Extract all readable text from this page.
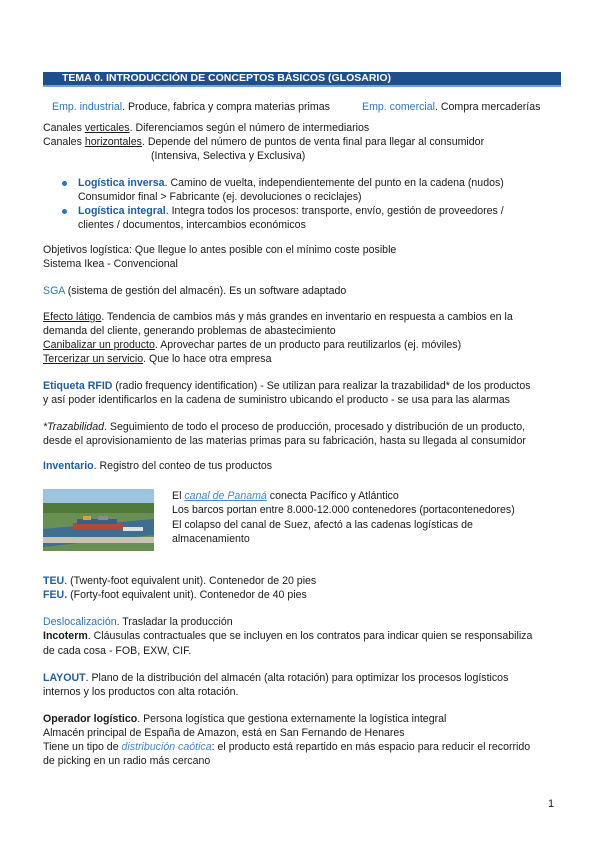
TEMA 0. INTRODUCCIÓN DE CONCEPTOS BÁSICOS (GLOSARIO)
Emp. industrial. Produce, fabrica y compra materias primas	Emp. comercial. Compra mercaderías
Canales verticales. Diferenciamos según el número de intermediarios
Canales horizontales. Depende del número de puntos de venta final para llegar al consumidor
(Intensiva, Selectiva y Exclusiva)
Logística inversa. Camino de vuelta, independientemente del punto en la cadena (nudos)
Consumidor final > Fabricante (ej. devoluciones o reciclajes)
Logística integral. Integra todos los procesos: transporte, envío, gestión de proveedores /
clientes / documentos, intercambios económicos
Objetivos logística: Que llegue lo antes posible con el mínimo coste posible
Sistema Ikea - Convencional
SGA (sistema de gestión del almacén). Es un software adaptado
Efecto látigo. Tendencia de cambios más y más grandes en inventario en respuesta a cambios en la
demanda del cliente, generando problemas de abastecimiento
Canibalizar un producto. Aprovechar partes de un producto para reutilizarlos (ej. móviles)
Tercerizar un servicio. Que lo hace otra empresa
Etiqueta RFID (radio frequency identification) - Se utilizan para realizar la trazabilidad* de los productos
y así poder identificarlos en la cadena de suministro ubicando el producto - se usa para las alarmas
*Trazabilidad. Seguimiento de todo el proceso de producción, procesado y distribución de un producto,
desde el aprovisionamiento de las materias primas para su fabricación, hasta su llegada al consumidor
Inventario. Registro del conteo de tus productos
El canal de Panamá conecta Pacífico y Atlántico
Los barcos portan entre 8.000-12.000 contenedores (portacontenedores)
El colapso del canal de Suez, afectó a las cadenas logísticas de
almacenamiento
TEU. (Twenty-foot equivalent unit). Contenedor de 20 pies
FEU. (Forty-foot equivalent unit). Contenedor de 40 pies
Deslocalización. Trasladar la producción
Incoterm. Cláusulas contractuales que se incluyen en los contratos para indicar quien se responsabiliza
de cada cosa - FOB, EXW, CIF.
LAYOUT. Plano de la distribución del almacén (alta rotación) para optimizar los procesos logísticos
internos y los productos con alta rotación.
Operador logístico. Persona logística que gestiona externamente la logística integral
Almacén principal de España de Amazon, está en San Fernando de Henares
Tiene un tipo de distribución caótica: el producto está repartido en más espacio para reducir el recorrido
de picking en un radio más cercano
1
